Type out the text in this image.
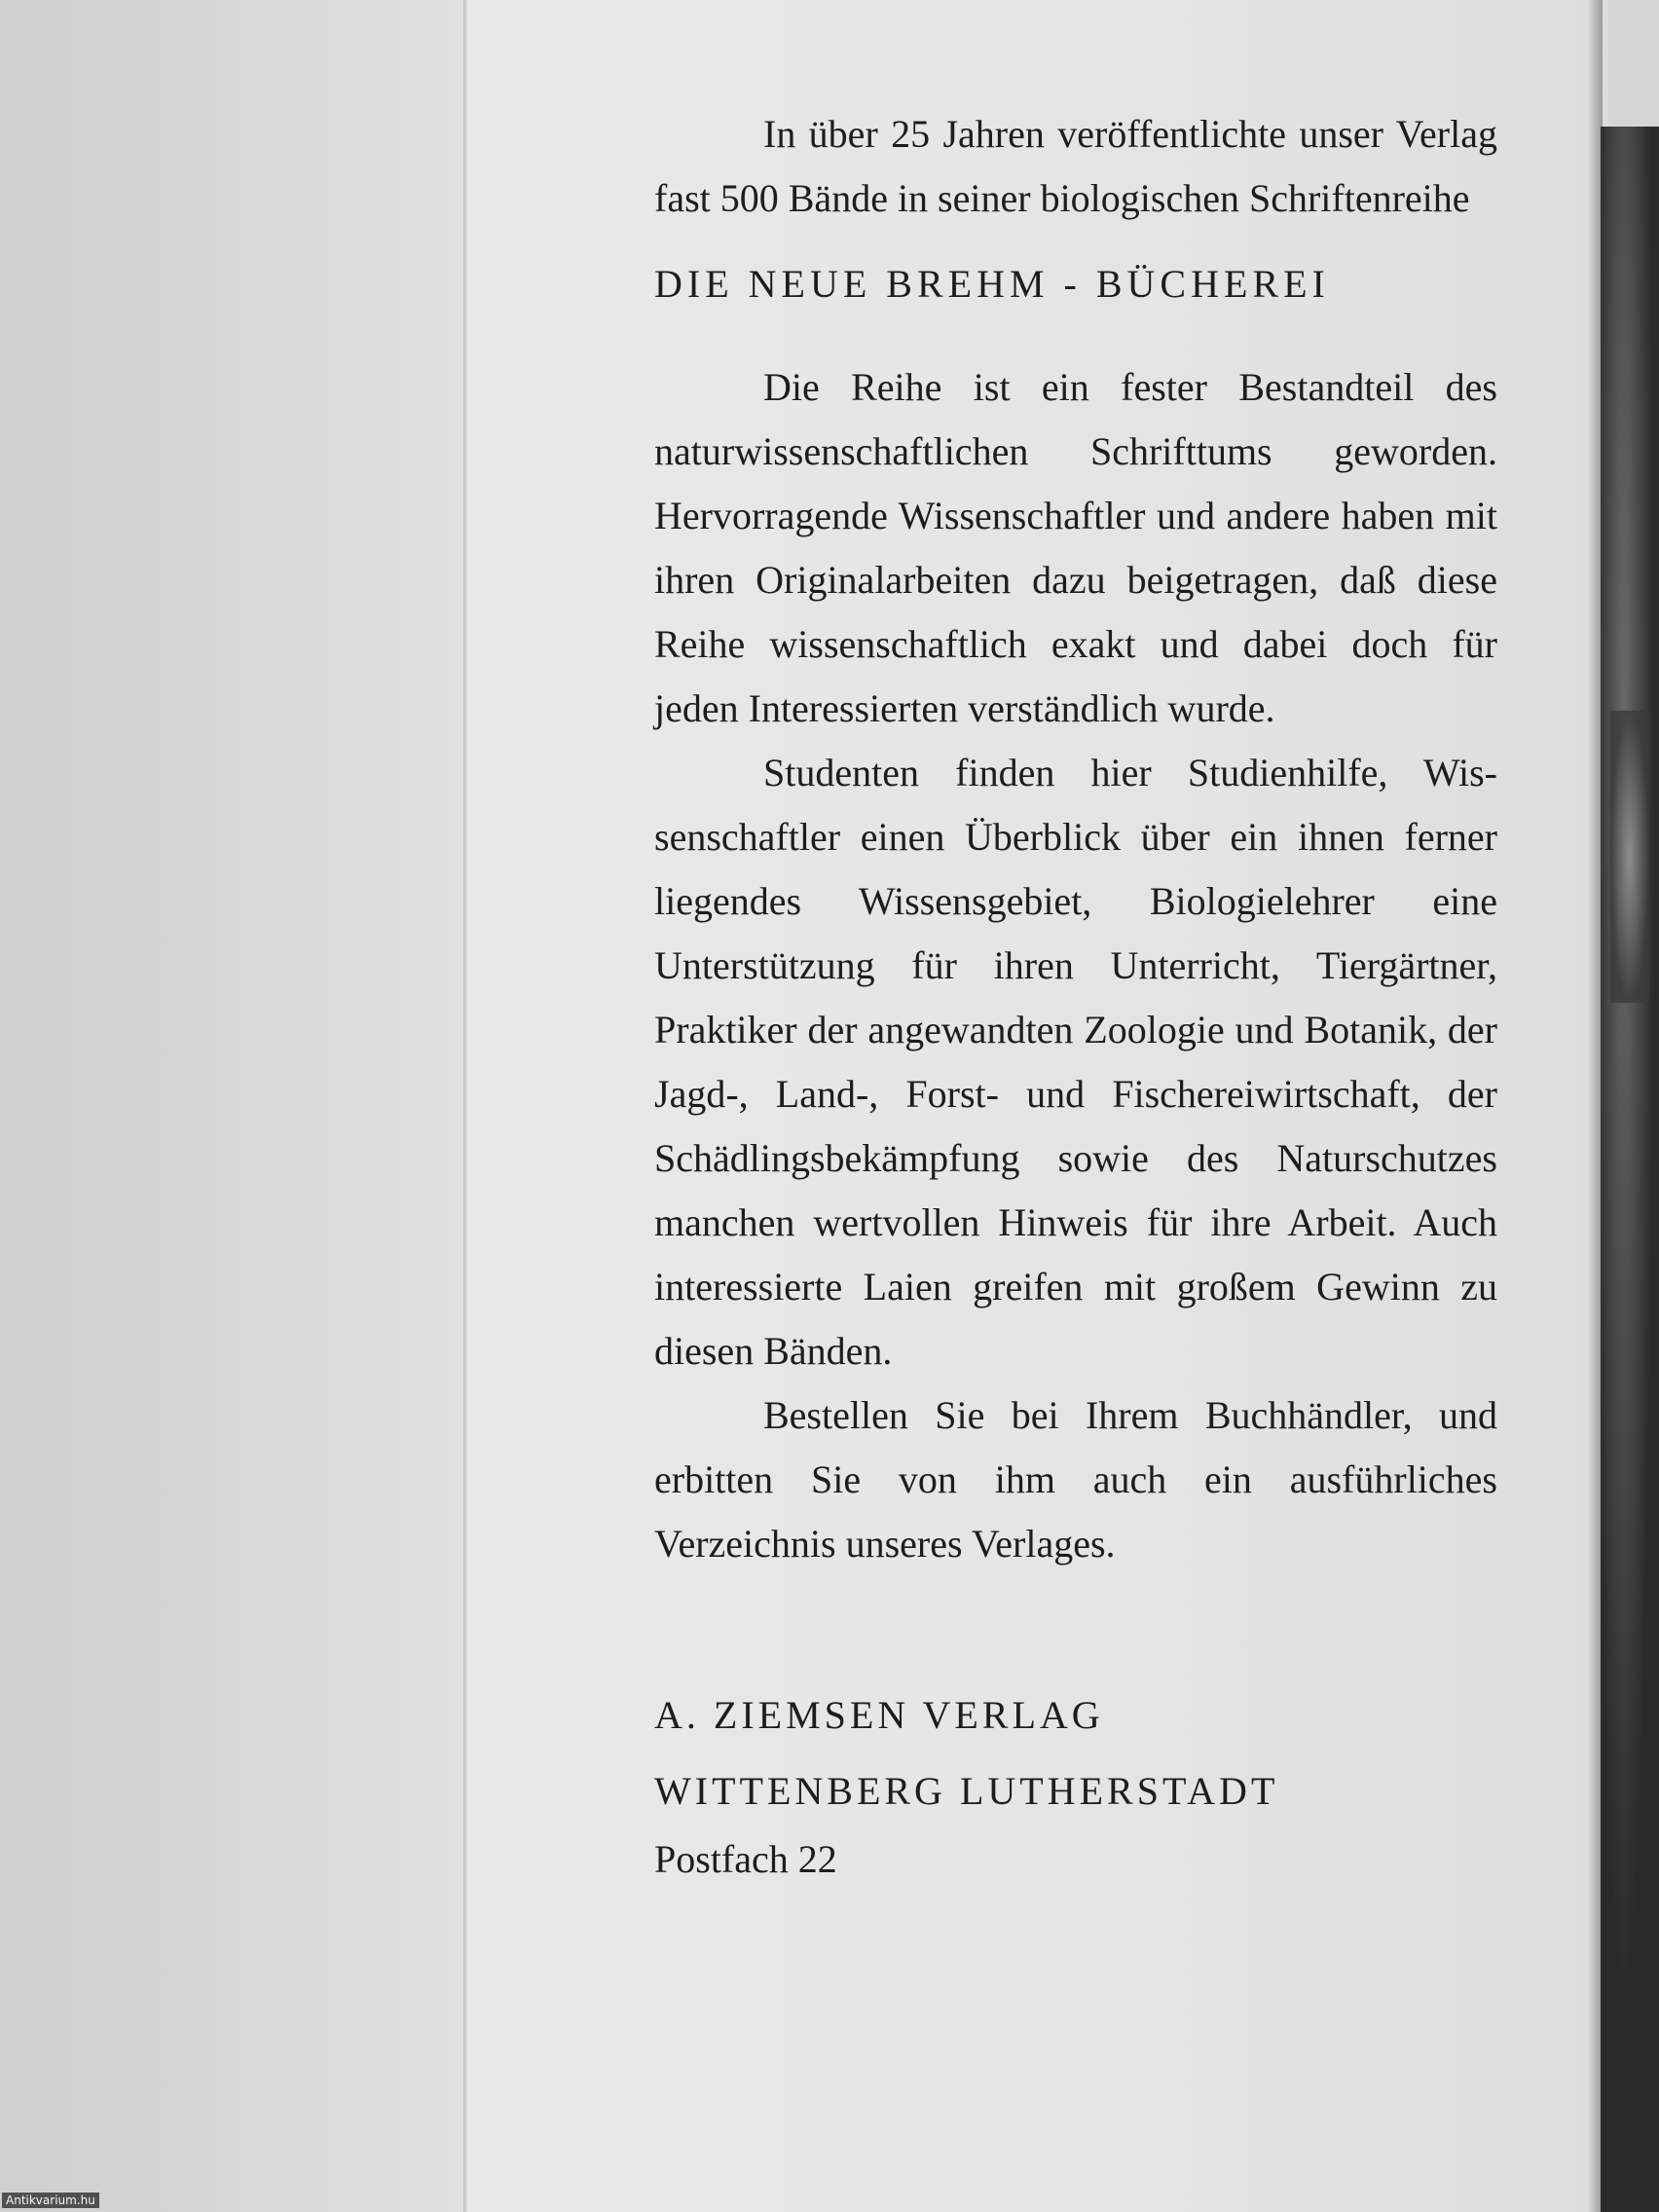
In über 25 Jahren veröffentlichte unser Verlag fast 500 Bände in seiner biologischen Schriftenreihe

DIE NEUE BREHM - BÜCHEREI

Die Reihe ist ein fester Bestandteil des naturwissenschaftlichen Schrifttums geworden. Hervorragende Wissenschaftler und andere haben mit ihren Originalarbeiten dazu beigetragen, daß diese Reihe wissenschaftlich exakt und dabei doch für jeden Interessierten verständlich wurde.

Studenten finden hier Studienhilfe, Wissenschaftler einen Überblick über ein ihnen ferner liegendes Wissensgebiet, Biologielehrer eine Unterstützung für ihren Unterricht, Tiergärtner, Praktiker der angewandten Zoologie und Botanik, der Jagd-, Land-, Forst- und Fischereiwirtschaft, der Schädlingsbekämpfung sowie des Naturschutzes manchen wertvollen Hinweis für ihre Arbeit. Auch interessierte Laien greifen mit großem Gewinn zu diesen Bänden.

Bestellen Sie bei Ihrem Buchhändler, und erbitten Sie von ihm auch ein ausführliches Verzeichnis unseres Verlages.

A. ZIEMSEN VERLAG
WITTENBERG LUTHERSTADT
Postfach 22
Antikvarium.hu
